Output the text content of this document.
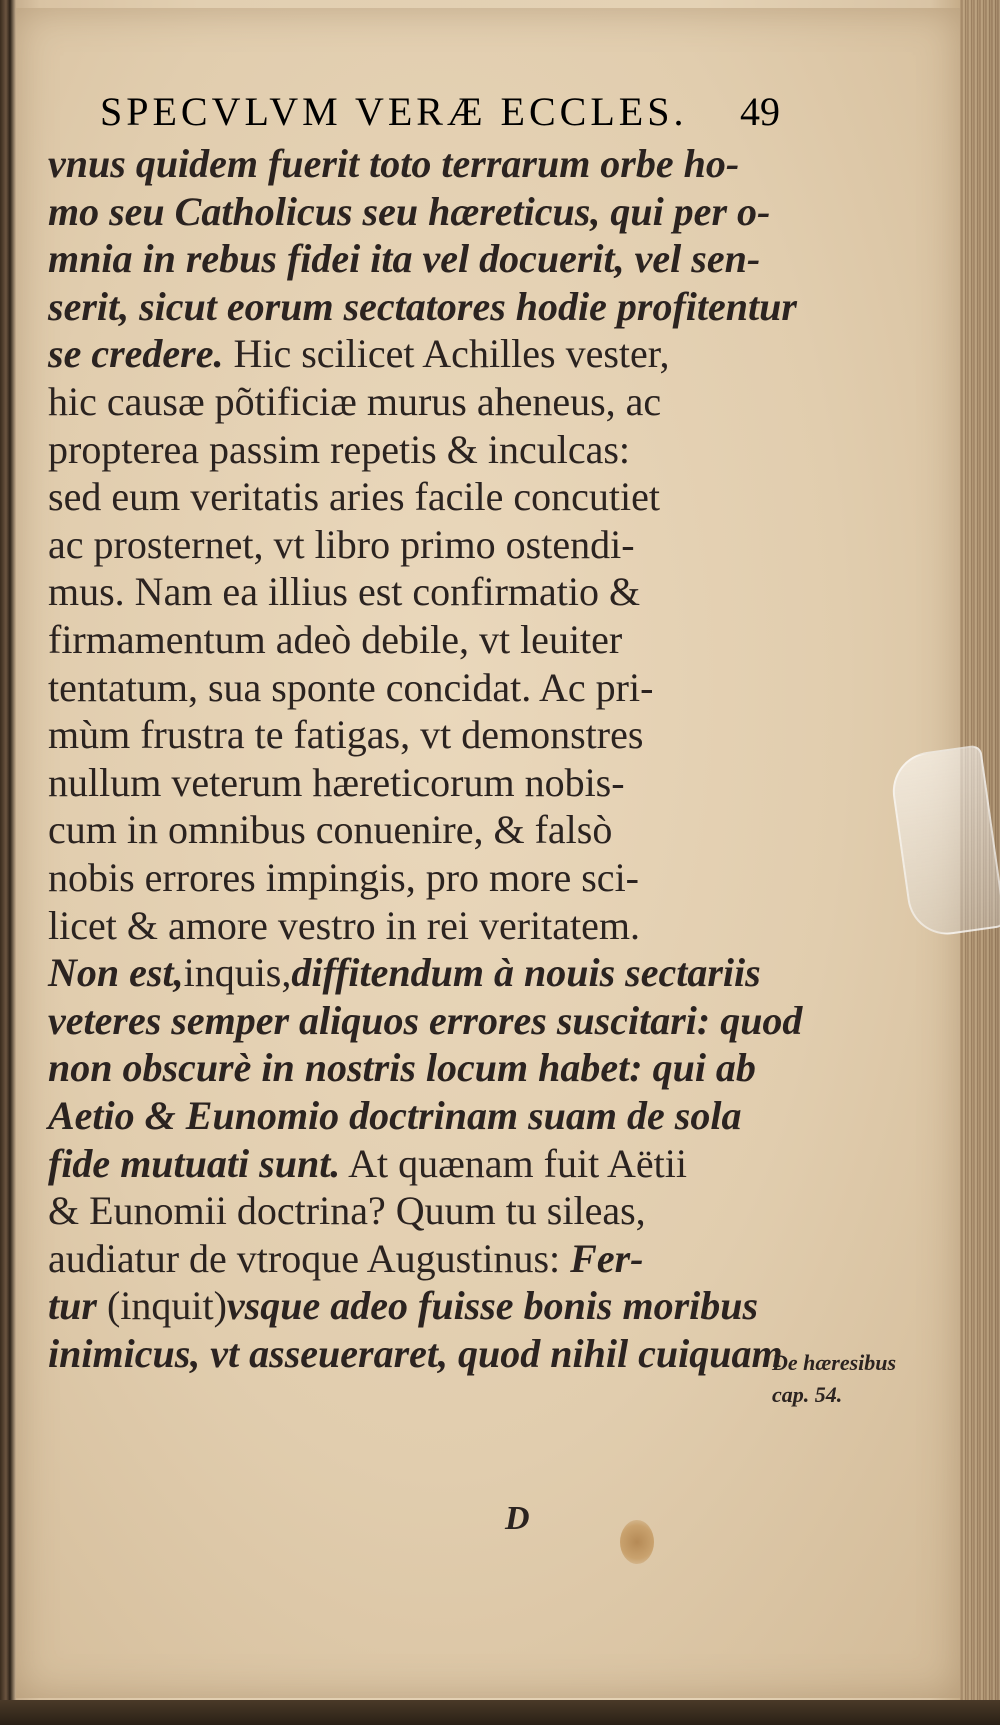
SPECVLVM VERÆ ECCLES. 49
vnus quidem fuerit toto terrarum orbe ho-
mo seu Catholicus seu hæreticus, qui per o-
mnia in rebus fidei ita vel docuerit, vel sen-
serit, sicut eorum sectatores hodie profitentur
se credere. Hic scilicet Achilles vester,
hic causæ põtificiæ murus aheneus, ac
propterea passim repetis & inculcas:
sed eum veritatis aries facile concutiet
ac prosternet, vt libro primo ostendi-
mus. Nam ea illius est confirmatio &
firmamentum adeò debile, vt leuiter
tentatum, sua sponte concidat. Ac pri-
mùm frustra te fatigas, vt demonstres
nullum veterum hæreticorum nobis-
cum in omnibus conuenire, & falsò
nobis errores impingis, pro more sci-
licet & amore vestro in rei veritatem.
Non est,inquis,diffitendum à nouis sectariis
veteres semper aliquos errores suscitari: quod
non obscurè in nostris locum habet: qui ab
Aetio & Eunomio doctrinam suam de sola
fide mutuati sunt. At quænam fuit Aëtii
& Eunomii doctrina? Quum tu sileas,
audiatur de vtroque Augustinus: Fer-
tur (inquit)vsque adeo fuisse bonis moribus
inimicus, vt asseueraret, quod nihil cuiquam
De hæresibus
cap. 54.
D
